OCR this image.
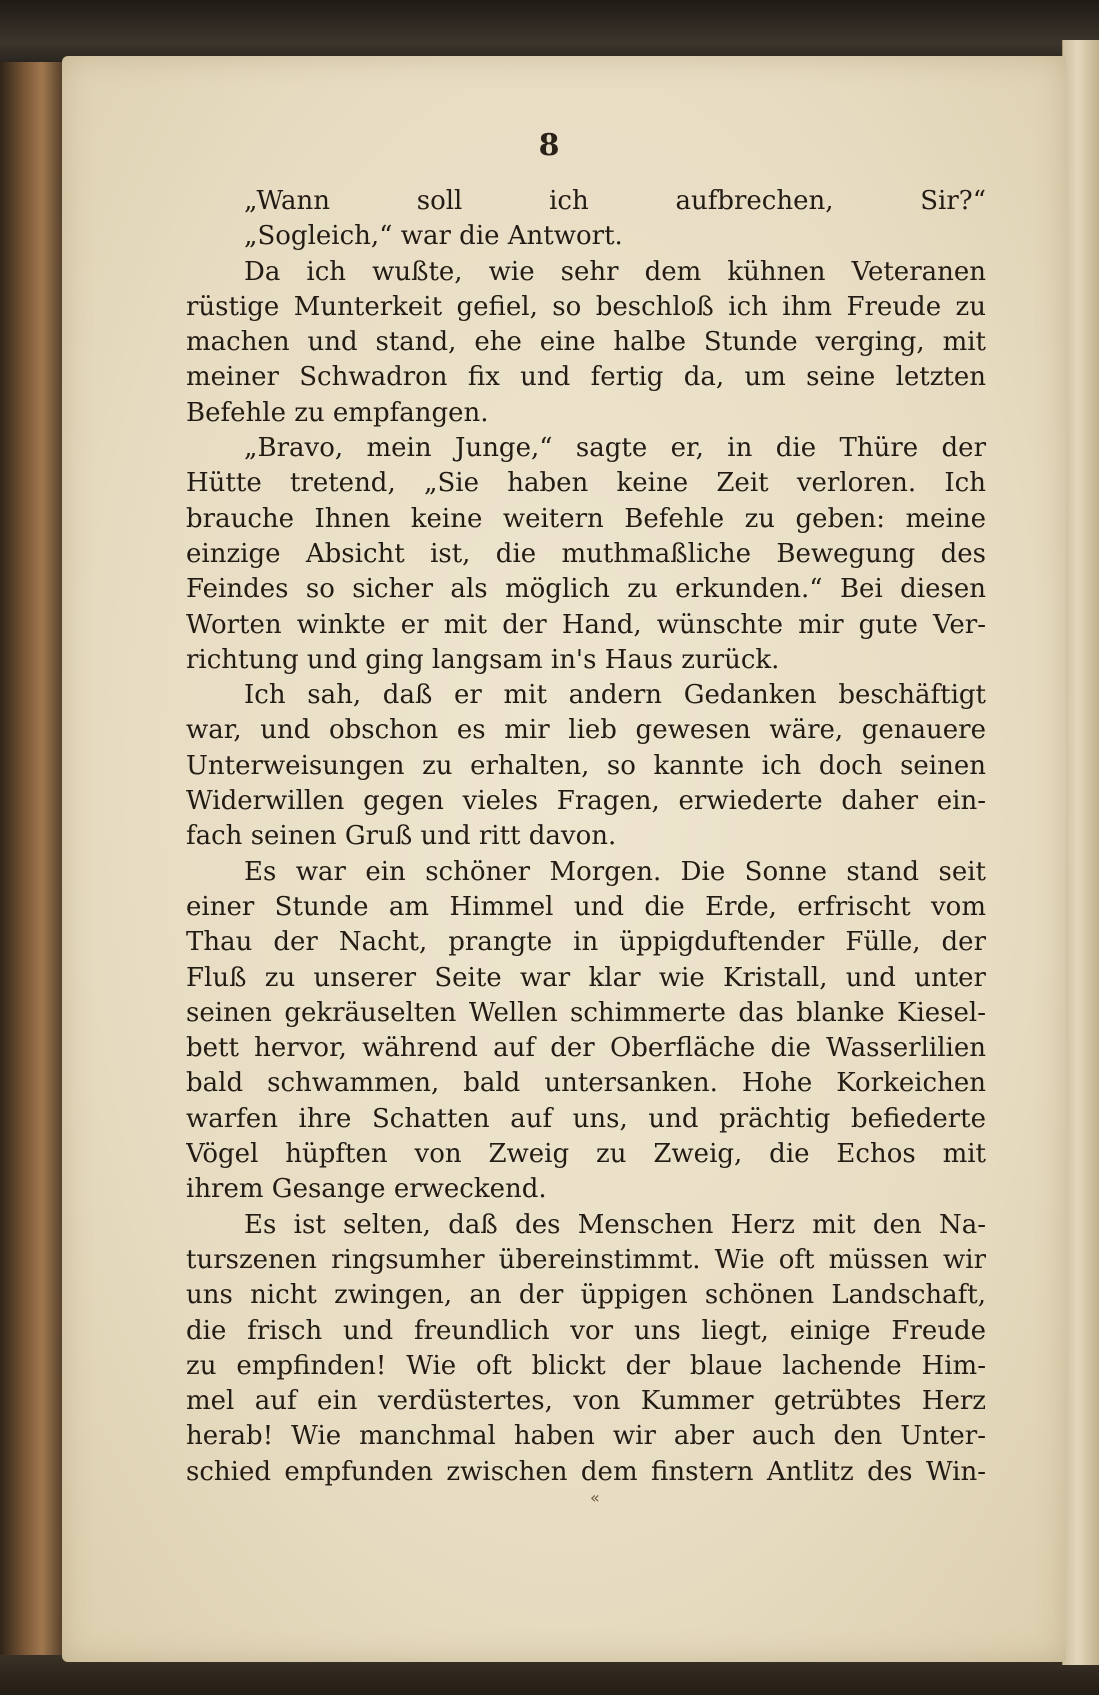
8
„Wann soll ich aufbrechen, Sir?“
„Sogleich,“ war die Antwort.
Da ich wußte, wie sehr dem kühnen Veteranen
rüstige Munterkeit gefiel, so beschloß ich ihm Freude zu
machen und stand, ehe eine halbe Stunde verging, mit
meiner Schwadron fix und fertig da, um seine letzten
Befehle zu empfangen.
„Bravo, mein Junge,“ sagte er, in die Thüre der
Hütte tretend, „Sie haben keine Zeit verloren. Ich
brauche Ihnen keine weitern Befehle zu geben: meine
einzige Absicht ist, die muthmaßliche Bewegung des
Feindes so sicher als möglich zu erkunden.“ Bei diesen
Worten winkte er mit der Hand, wünschte mir gute Ver-
richtung und ging langsam in's Haus zurück.
Ich sah, daß er mit andern Gedanken beschäftigt
war, und obschon es mir lieb gewesen wäre, genauere
Unterweisungen zu erhalten, so kannte ich doch seinen
Widerwillen gegen vieles Fragen, erwiederte daher ein-
fach seinen Gruß und ritt davon.
Es war ein schöner Morgen. Die Sonne stand seit
einer Stunde am Himmel und die Erde, erfrischt vom
Thau der Nacht, prangte in üppigduftender Fülle, der
Fluß zu unserer Seite war klar wie Kristall, und unter
seinen gekräuselten Wellen schimmerte das blanke Kiesel-
bett hervor, während auf der Oberfläche die Wasserlilien
bald schwammen, bald untersanken. Hohe Korkeichen
warfen ihre Schatten auf uns, und prächtig befiederte
Vögel hüpften von Zweig zu Zweig, die Echos mit
ihrem Gesange erweckend.
Es ist selten, daß des Menschen Herz mit den Na-
turszenen ringsumher übereinstimmt. Wie oft müssen wir
uns nicht zwingen, an der üppigen schönen Landschaft,
die frisch und freundlich vor uns liegt, einige Freude
zu empfinden! Wie oft blickt der blaue lachende Him-
mel auf ein verdüstertes, von Kummer getrübtes Herz
herab! Wie manchmal haben wir aber auch den Unter-
schied empfunden zwischen dem finstern Antlitz des Win-
«
